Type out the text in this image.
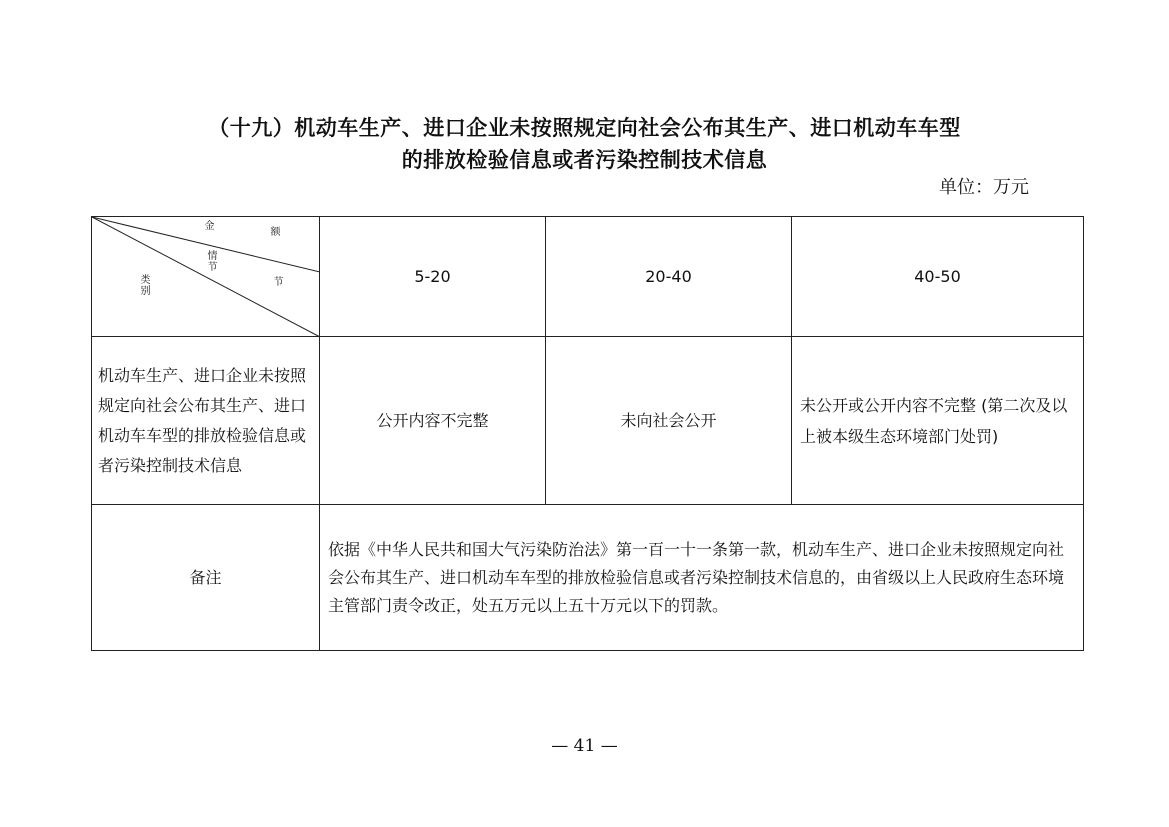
（十九）机动车生产、进口企业未按照规定向社会公布其生产、进口机动车车型
的排放检验信息或者污染控制技术信息
单位：万元
金
额
情节
节
类别	5-20	20-40	40-50
机动车生产、进口企业未按照规定向社会公布其生产、进口机动车车型的排放检验信息或者污染控制技术信息	公开内容不完整	未向社会公开	未公开或公开内容不完整 (第二次及以上被本级生态环境部门处罚)
备注	依据《中华人民共和国大气污染防治法》第一百一十一条第一款，机动车生产、进口企业未按照规定向社会公布其生产、进口机动车车型的排放检验信息或者污染控制技术信息的，由省级以上人民政府生态环境主管部门责令改正，处五万元以上五十万元以下的罚款。		
— 41 —
